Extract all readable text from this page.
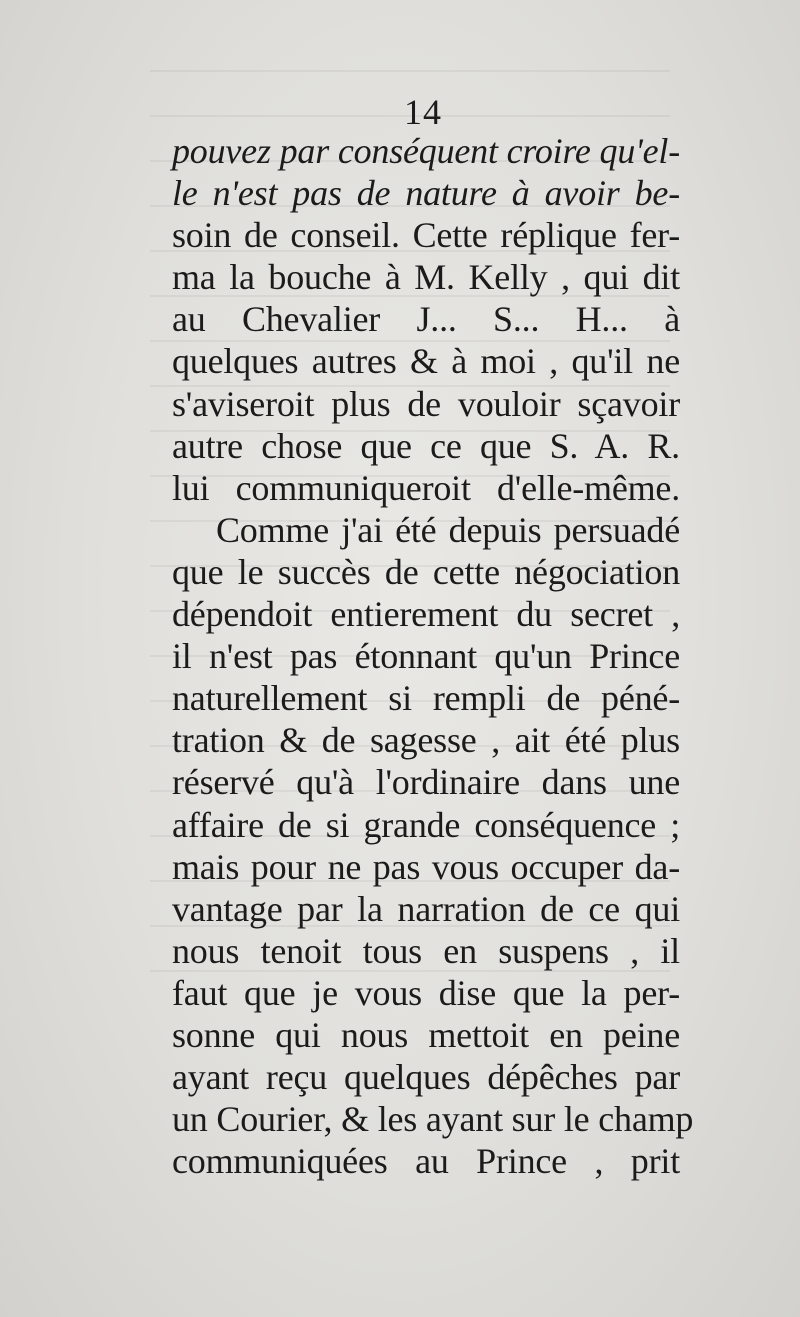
14
pouvez par conséquent croire qu'el-
le n'est pas de nature à avoir be-
soin de conseil. Cette réplique fer-
ma la bouche à M. Kelly , qui dit
au Chevalier J... S... H... à
quelques autres & à moi , qu'il ne
s'aviseroit plus de vouloir sçavoir
autre chose que ce que S. A. R.
lui communiqueroit d'elle-même.
Comme j'ai été depuis persuadé
que le succès de cette négociation
dépendoit entierement du secret ,
il n'est pas étonnant qu'un Prince
naturellement si rempli de péné-
tration & de sagesse , ait été plus
réservé qu'à l'ordinaire dans une
affaire de si grande conséquence ;
mais pour ne pas vous occuper da-
vantage par la narration de ce qui
nous tenoit tous en suspens , il
faut que je vous dise que la per-
sonne qui nous mettoit en peine
ayant reçu quelques dépêches par
un Courier, & les ayant sur le champ
communiquées au Prince , prit
